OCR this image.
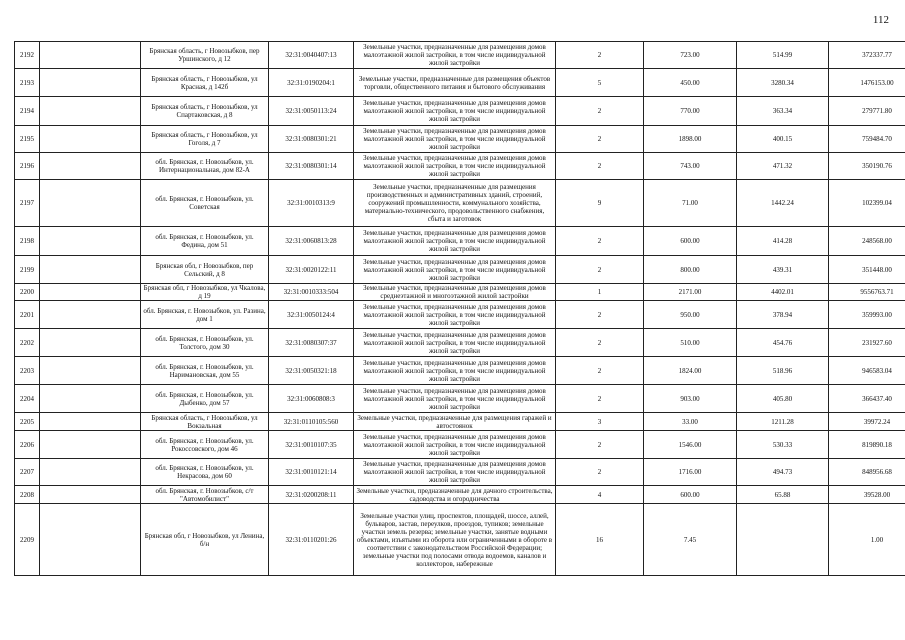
112
2192		Брянская область, г Новозыбков, пер Уршинского, д 12	32:31:0040407:13	Земельные участки, предназначенные для размещения домов малоэтажной жилой застройки, в том числе индивидуальной жилой застройки	2	723.00	514.99	372337.77
2193		Брянская область, г Новозыбков, ул Красная, д 142б	32:31:0190204:1	Земельные участки, предназначенные для размещения объектов торговли, общественного питания и бытового обслуживания	5	450.00	3280.34	1476153.00
2194		Брянская область, г Новозыбков, ул Спартаковская, д 8	32:31:0050113:24	Земельные участки, предназначенные для размещения домов малоэтажной жилой застройки, в том числе индивидуальной жилой застройки	2	770.00	363.34	279771.80
2195		Брянская область, г Новозыбков, ул Гоголя, д 7	32:31:0080301:21	Земельные участки, предназначенные для размещения домов малоэтажной жилой застройки, в том числе индивидуальной жилой застройки	2	1898.00	400.15	759484.70
2196		обл. Брянская, г. Новозыбков, ул. Интернациональная, дом 82-А	32:31:0080301:14	Земельные участки, предназначенные для размещения домов малоэтажной жилой застройки, в том числе индивидуальной жилой застройки	2	743.00	471.32	350190.76
2197		обл. Брянская, г. Новозыбков, ул. Советская	32:31:0010313:9	Земельные участки, предназначенные для размещения производственных и административных зданий, строений, сооружений промышленности, коммунального хозяйства, материально-технического, продовольственного снабжения, сбыта и заготовок	9	71.00	1442.24	102399.04
2198		обл. Брянская, г. Новозыбков, ул. Федина, дом 51	32:31:0060813:28	Земельные участки, предназначенные для размещения домов малоэтажной жилой застройки, в том числе индивидуальной жилой застройки	2	600.00	414.28	248568.00
2199		Брянская обл, г Новозыбков, пер Сельский, д 8	32:31:0020122:11	Земельные участки, предназначенные для размещения домов малоэтажной жилой застройки, в том числе индивидуальной жилой застройки	2	800.00	439.31	351448.00
2200		Брянская обл, г Новозыбков, ул Чкалова, д 19	32:31:0010333:504	Земельные участки, предназначенные для размещения домов среднеэтажной и многоэтажной жилой застройки	1	2171.00	4402.01	9556763.71
2201		обл. Брянская, г. Новозыбков, ул. Разина, дом 1	32:31:0050124:4	Земельные участки, предназначенные для размещения домов малоэтажной жилой застройки, в том числе индивидуальной жилой застройки	2	950.00	378.94	359993.00
2202		обл. Брянская, г. Новозыбков, ул. Толстого, дом 30	32:31:0080307:37	Земельные участки, предназначенные для размещения домов малоэтажной жилой застройки, в том числе индивидуальной жилой застройки	2	510.00	454.76	231927.60
2203		обл. Брянская, г. Новозыбков, ул. Наримановская, дом 55	32:31:0050321:18	Земельные участки, предназначенные для размещения домов малоэтажной жилой застройки, в том числе индивидуальной жилой застройки	2	1824.00	518.96	946583.04
2204		обл. Брянская, г. Новозыбков, ул. Дыбенко, дом 57	32:31:0060808:3	Земельные участки, предназначенные для размещения домов малоэтажной жилой застройки, в том числе индивидуальной жилой застройки	2	903.00	405.80	366437.40
2205		Брянская область, г Новозыбков, ул Вокзальная	32:31:0110105:560	Земельные участки, предназначенные для размещения гаражей и автостоянок	3	33.00	1211.28	39972.24
2206		обл. Брянская, г. Новозыбков, ул. Рокоссовского, дом 46	32:31:0010107:35	Земельные участки, предназначенные для размещения домов малоэтажной жилой застройки, в том числе индивидуальной жилой застройки	2	1546.00	530.33	819890.18
2207		обл. Брянская, г. Новозыбков, ул. Некрасова, дом 60	32:31:0010121:14	Земельные участки, предназначенные для размещения домов малоэтажной жилой застройки, в том числе индивидуальной жилой застройки	2	1716.00	494.73	848956.68
2208		обл. Брянская, г. Новозыбков, с/т "Автомобилист"	32:31:0200208:11	Земельные участки, предназначенные для дачного строительства, садоводства и огородничества	4	600.00	65.88	39528.00
2209		Брянская обл, г Новозыбков, ул Ленина, б/н	32:31:0110201:26	Земельные участки улиц, проспектов, площадей, шоссе, аллей, бульваров, застав, переулков, проездов, тупиков; земельные участки земель резерва; земельные участки, занятые водными объектами, изъятыми из оборота или ограниченными в обороте в соответствии с законодательством Российской Федерации; земельные участки под полосами отвода водоемов, каналов и коллекторов, набережные	16	7.45		1.00
